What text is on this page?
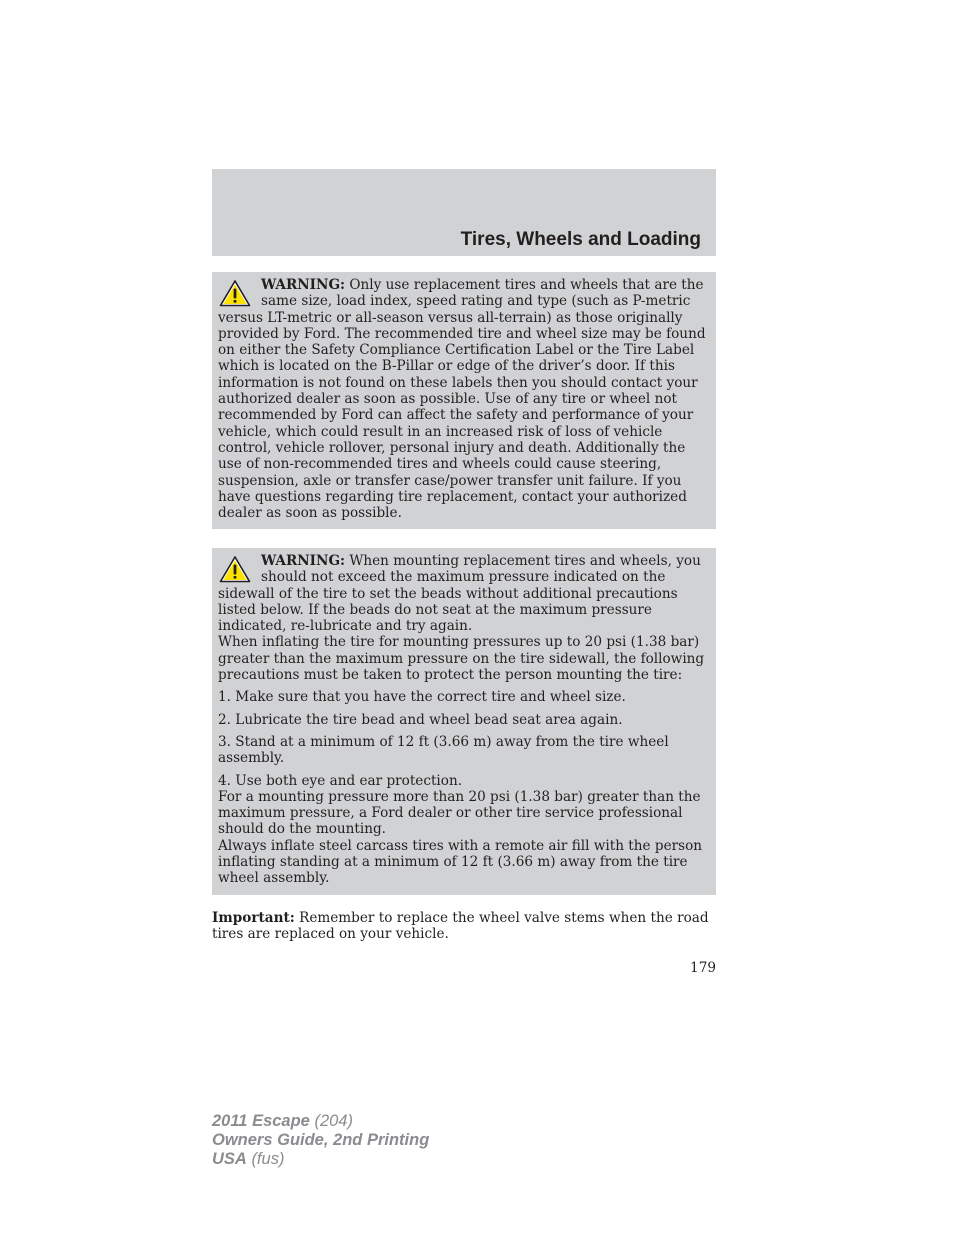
Tires, Wheels and Loading

WARNING: Only use replacement tires and wheels that are the same size, load index, speed rating and type (such as P-metric versus LT-metric or all-season versus all-terrain) as those originally provided by Ford. The recommended tire and wheel size may be found on either the Safety Compliance Certification Label or the Tire Label which is located on the B-Pillar or edge of the driver’s door. If this information is not found on these labels then you should contact your authorized dealer as soon as possible. Use of any tire or wheel not recommended by Ford can affect the safety and performance of your vehicle, which could result in an increased risk of loss of vehicle control, vehicle rollover, personal injury and death. Additionally the use of non-recommended tires and wheels could cause steering, suspension, axle or transfer case/power transfer unit failure. If you have questions regarding tire replacement, contact your authorized dealer as soon as possible.

WARNING: When mounting replacement tires and wheels, you should not exceed the maximum pressure indicated on the sidewall of the tire to set the beads without additional precautions listed below. If the beads do not seat at the maximum pressure indicated, re-lubricate and try again.

When inflating the tire for mounting pressures up to 20 psi (1.38 bar) greater than the maximum pressure on the tire sidewall, the following precautions must be taken to protect the person mounting the tire:

1. Make sure that you have the correct tire and wheel size.

2. Lubricate the tire bead and wheel bead seat area again.

3. Stand at a minimum of 12 ft (3.66 m) away from the tire wheel assembly.

4. Use both eye and ear protection.

For a mounting pressure more than 20 psi (1.38 bar) greater than the maximum pressure, a Ford dealer or other tire service professional should do the mounting.

Always inflate steel carcass tires with a remote air fill with the person inflating standing at a minimum of 12 ft (3.66 m) away from the tire wheel assembly.

Important: Remember to replace the wheel valve stems when the road tires are replaced on your vehicle.

179
2011 Escape (204)
Owners Guide, 2nd Printing
USA (fus)
